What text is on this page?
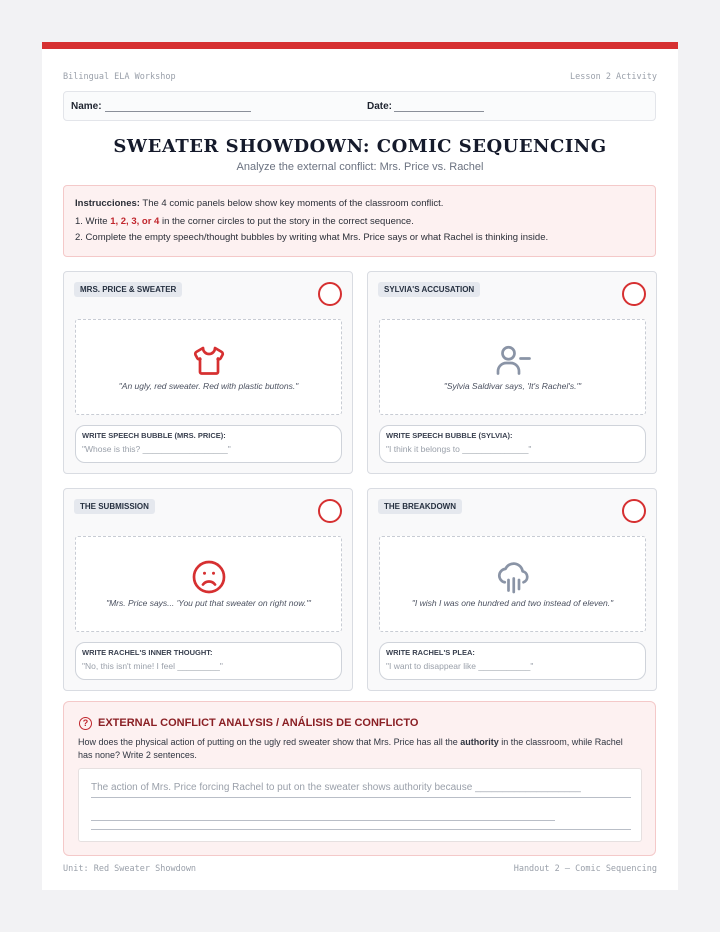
Bilingual ELA Workshop	Lesson 2 Activity
Name:	Date:
SWEATER SHOWDOWN: COMIC SEQUENCING
Analyze the external conflict: Mrs. Price vs. Rachel
Instrucciones: The 4 comic panels below show key moments of the classroom conflict.
1. Write 1, 2, 3, or 4 in the corner circles to put the story in the correct sequence.
2. Complete the empty speech/thought bubbles by writing what Mrs. Price says or what Rachel is thinking inside.
MRS. PRICE & SWEATER
"An ugly, red sweater. Red with plastic buttons."
WRITE SPEECH BUBBLE (MRS. PRICE):
"Whose is this? __________________"
SYLVIA'S ACCUSATION
"Sylvia Saldivar says, 'It's Rachel's.'"
WRITE SPEECH BUBBLE (SYLVIA):
"I think it belongs to ______________"
THE SUBMISSION
"Mrs. Price says... 'You put that sweater on right now.'"
WRITE RACHEL'S INNER THOUGHT:
"No, this isn't mine! I feel _________"
THE BREAKDOWN
"I wish I was one hundred and two instead of eleven."
WRITE RACHEL'S PLEA:
"I want to disappear like ___________"
? EXTERNAL CONFLICT ANALYSIS / ANÁLISIS DE CONFLICTO
How does the physical action of putting on the ugly red sweater show that Mrs. Price has all the authority in the classroom, while Rachel has none? Write 2 sentences.
The action of Mrs. Price forcing Rachel to put on the sweater shows authority because ___________________
Unit: Red Sweater Showdown	Handout 2 — Comic Sequencing
